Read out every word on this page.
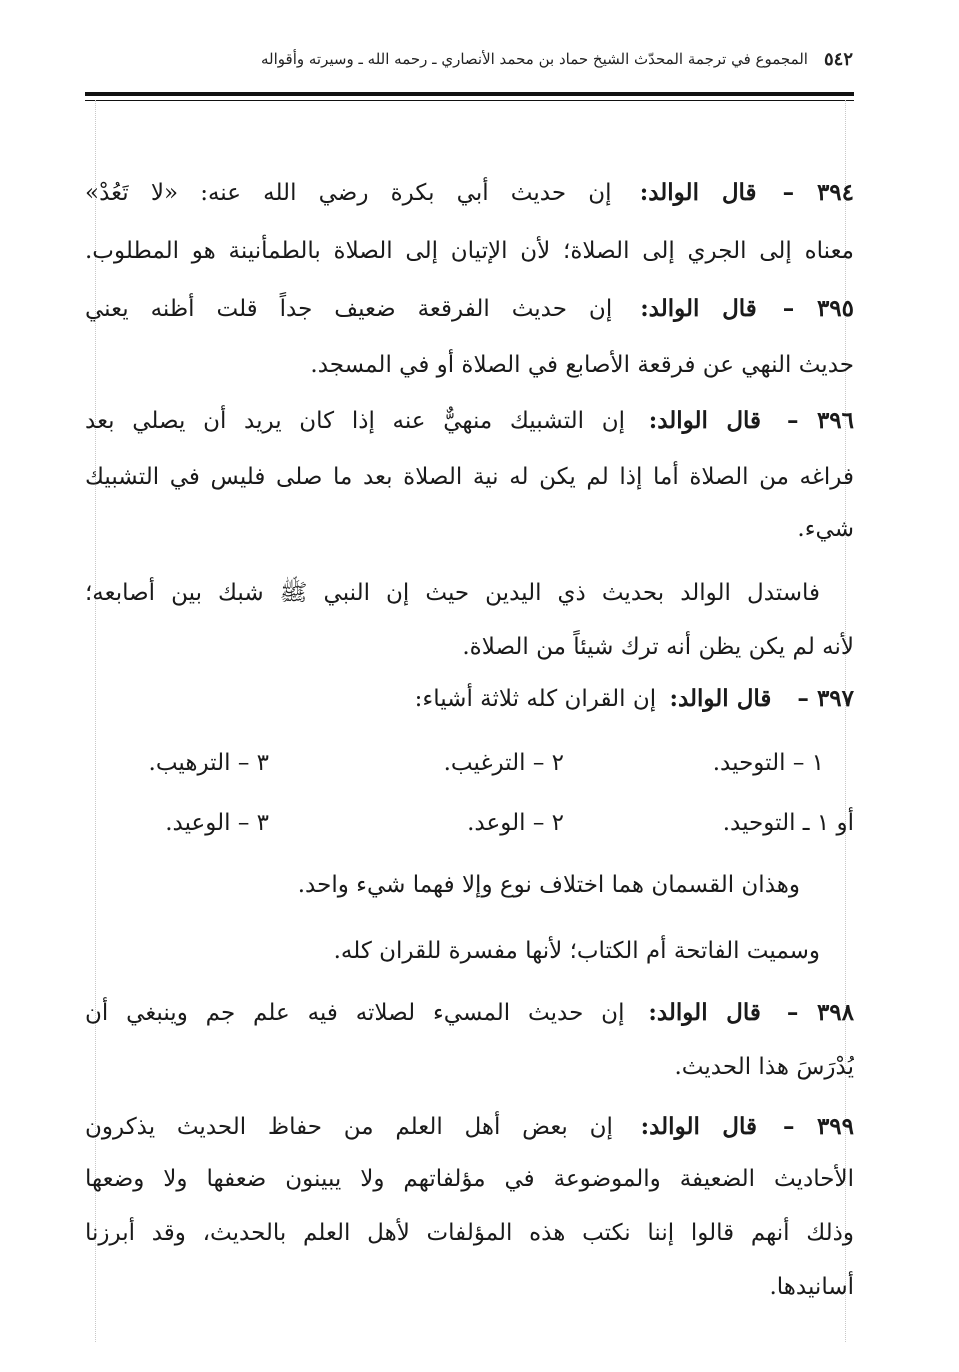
٥٤٢
المجموع في ترجمة المحدّث الشيخ حماد بن محمد الأنصاري ـ رحمه الله ـ وسيرته وأقواله
٣٩٤ –قال الوالد: إن حديث أبي بكرة رضي الله عنه: «لا تَعُدْ»
معناه إلى الجري إلى الصلاة؛ لأن الإتيان إلى الصلاة بالطمأنينة هو المطلوب.
٣٩٥ –قال الوالد: إن حديث الفرقعة ضعيف جداً قلت أظنه يعني
حديث النهي عن فرقعة الأصابع في الصلاة أو في المسجد.
٣٩٦ –قال الوالد: إن التشبيك منهيٌّ عنه إذا كان يريد أن يصلي بعد
فراغه من الصلاة أما إذا لم يكن له نية الصلاة بعد ما صلى فليس في التشبيك
شيء.
فاستدل الوالد بحديث ذي اليدين حيث إن النبي ﷺ شبك بين أصابعه؛
لأنه لم يكن يظن أنه ترك شيئاً من الصلاة.
٣٩٧ –قال الوالد: إن القران كله ثلاثة أشياء:
١ – التوحيد.
٢ – الترغيب.
٣ – الترهيب.
أو ١ ـ التوحيد.
٢ – الوعد.
٣ – الوعيد.
وهذان القسمان هما اختلاف نوع وإلا فهما شيء واحد.
وسميت الفاتحة أم الكتاب؛ لأنها مفسرة للقران كله.
٣٩٨ –قال الوالد: إن حديث المسيء لصلاته فيه علم جم وينبغي أن
يُدْرَسَ هذا الحديث.
٣٩٩ –قال الوالد: إن بعض أهل العلم من حفاظ الحديث يذكرون
الأحاديث الضعيفة والموضوعة في مؤلفاتهم ولا يبينون ضعفها ولا وضعها
وذلك أنهم قالوا إننا نكتب هذه المؤلفات لأهل العلم بالحديث، وقد أبرزنا
أسانيدها.
